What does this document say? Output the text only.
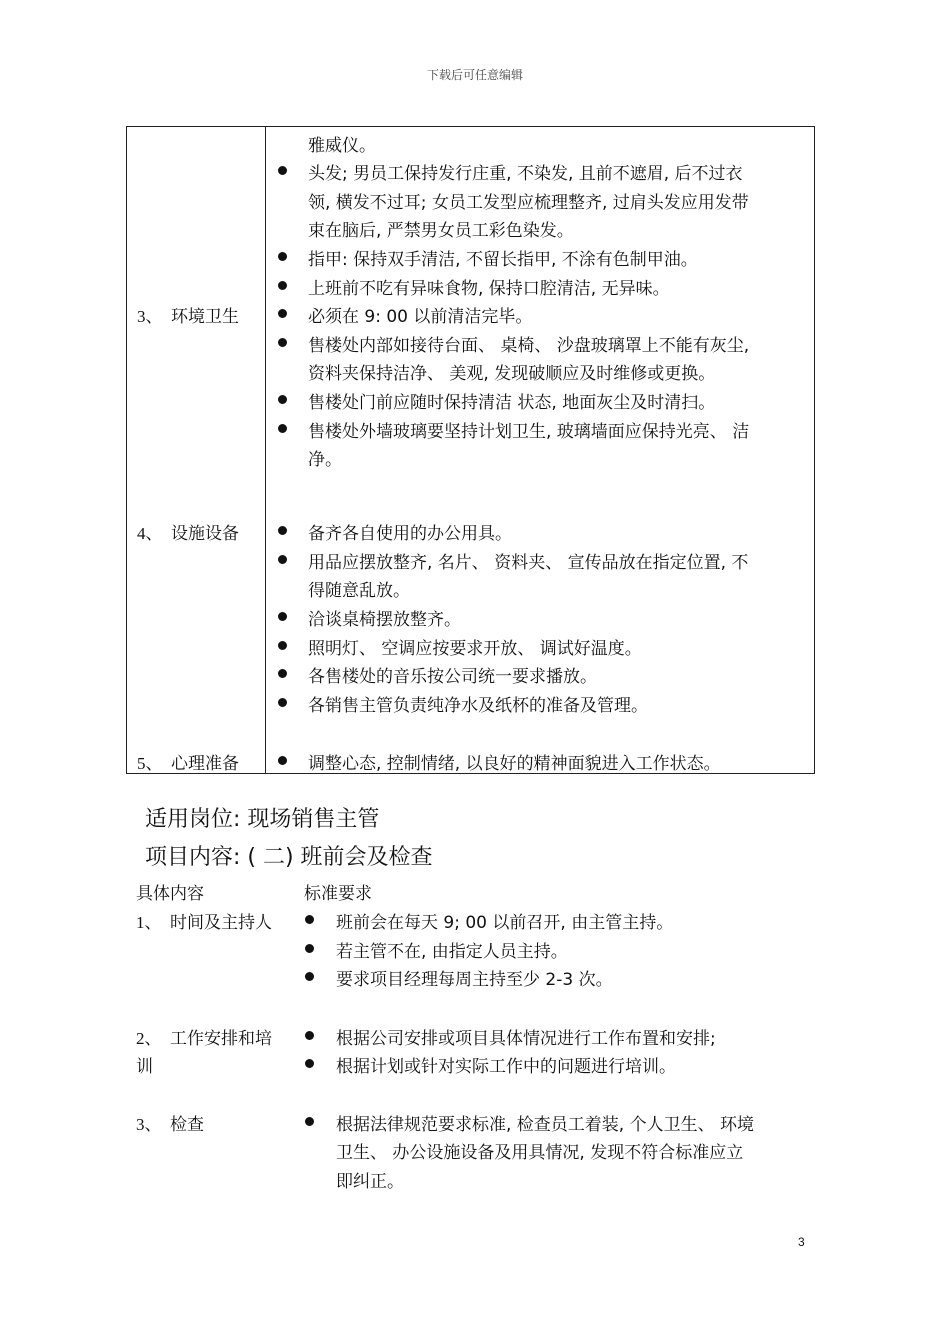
下载后可任意编辑
3、 环境卫生
4、 设施设备
5、 心理准备
雅威仪。
头发; 男员工保持发行庄重, 不染发, 且前不遮眉, 后不过衣
领, 横发不过耳; 女员工发型应梳理整齐, 过肩头发应用发带
束在脑后, 严禁男女员工彩色染发。
指甲: 保持双手清洁, 不留长指甲, 不涂有色制甲油。
上班前不吃有异味食物, 保持口腔清洁, 无异味。
必须在 9: 00 以前清洁完毕。
售楼处内部如接待台面、 桌椅、 沙盘玻璃罩上不能有灰尘,
资料夹保持洁净、 美观, 发现破顺应及时维修或更换。
售楼处门前应随时保持清洁 状态, 地面灰尘及时清扫。
售楼处外墙玻璃要坚持计划卫生, 玻璃墙面应保持光亮、 洁
净。
备齐各自使用的办公用具。
用品应摆放整齐, 名片、 资料夹、 宣传品放在指定位置, 不
得随意乱放。
洽谈桌椅摆放整齐。
照明灯、 空调应按要求开放、 调试好温度。
各售楼处的音乐按公司统一要求播放。
各销售主管负责纯净水及纸杯的准备及管理。
调整心态, 控制情绪, 以良好的精神面貌进入工作状态。
适用岗位: 现场销售主管
项目内容: ( 二) 班前会及检查
具体内容	标准要求
1、 时间及主持人
2、 工作安排和培
训
3、 检查
班前会在每天 9; 00 以前召开, 由主管主持。
若主管不在, 由指定人员主持。
要求项目经理每周主持至少 2-3 次。
根据公司安排或项目具体情况进行工作布置和安排;
根据计划或针对实际工作中的问题进行培训。
根据法律规范要求标准, 检查员工着装, 个人卫生、 环境
卫生、 办公设施设备及用具情况, 发现不符合标准应立
即纠正。
3
